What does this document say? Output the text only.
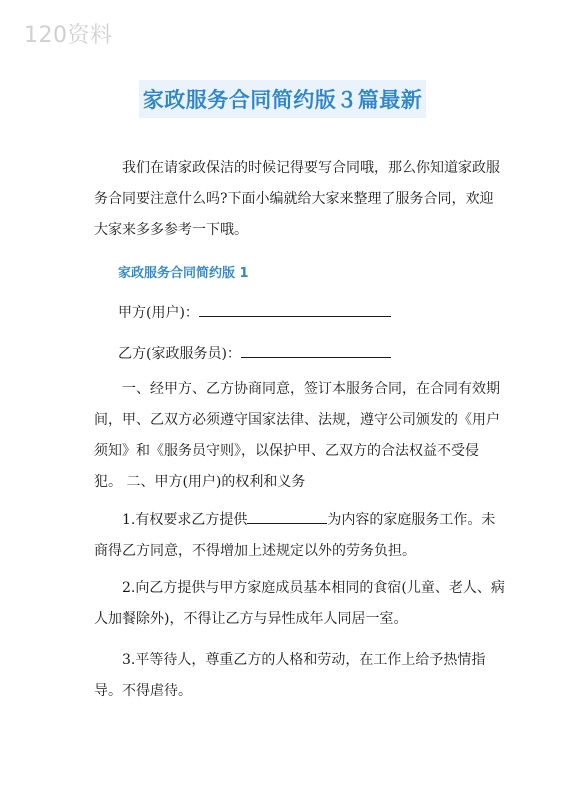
120资料
家政服务合同简约版３篇最新

我们在请家政保洁的时候记得要写合同哦，那么你知道家政服务合同要注意什么吗?下面小编就给大家来整理了服务合同，欢迎大家来多多参考一下哦。

家政服务合同简约版 1
甲方(用户)：
乙方(家政服务员)：

一、经甲方、乙方协商同意，签订本服务合同，在合同有效期间，甲、乙双方必须遵守国家法律、法规，遵守公司颁发的《用户须知》和《服务员守则》，以保护甲、乙双方的合法权益不受侵犯。 二、甲方(用户)的权利和义务

1.有权要求乙方提供	为内容的家庭服务工作。未商得乙方同意，不得增加上述规定以外的劳务负担。

2.向乙方提供与甲方家庭成员基本相同的食宿(儿童、老人、病人加餐除外)，不得让乙方与异性成年人同居一室。

3.平等待人，尊重乙方的人格和劳动，在工作上给予热情指导。不得虐待。
